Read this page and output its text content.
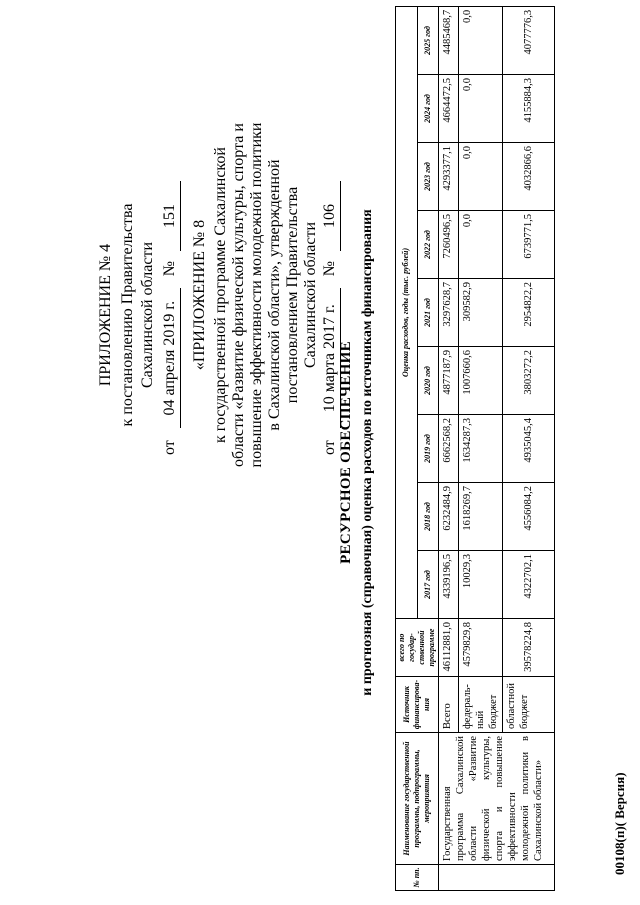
ПРИЛОЖЕНИЕ № 4 к постановлению Правительства Сахалинской области
от 04 апреля 2019 г. № 151
«ПРИЛОЖЕНИЕ № 8 к государственной программе Сахалинской области «Развитие физической культуры, спорта и повышение эффективности молодежной политики в Сахалинской области», утвержденной постановлением Правительства Сахалинской области
от 10 марта 2017 г. № 106
РЕСУРСНОЕ ОБЕСПЕЧЕНИЕ и прогнозная (справочная) оценка расходов по источникам финансирования
№ пп.	Наименование государственной программы, подпрограммы, мероприятия	Источник финансирова-ния	всего по государ-ственной программе	Оценка расходов, годы (тыс. рублей)								
				2017 год	2018 год	2019 год	2020 год	2021 год	2022 год	2023 год	2024 год	2025 год
	Государственная программа Сахалинской области «Развитие физической культуры, спорта и повышение эффективности молодежной политики в Сахалинской области»	Всего	46112881,0	4339196,5	6232484,9	6662568,2	4877187,9	3297628,7	7260496,5	4293377,1	4664472,5	4485468,7
		федераль-ный бюджет	4579829,8	10029,3	1618269,7	1634287,3	1007660,6	309582,9	0,0	0,0	0,0	0,0
		областной бюджет	39578224,8	4322702,1	4556084,2	4935045,4	3803272,2	2954822,2	6739771,5	4032866,6	4155884,3	4077776,3
00108(п)( Версия)
